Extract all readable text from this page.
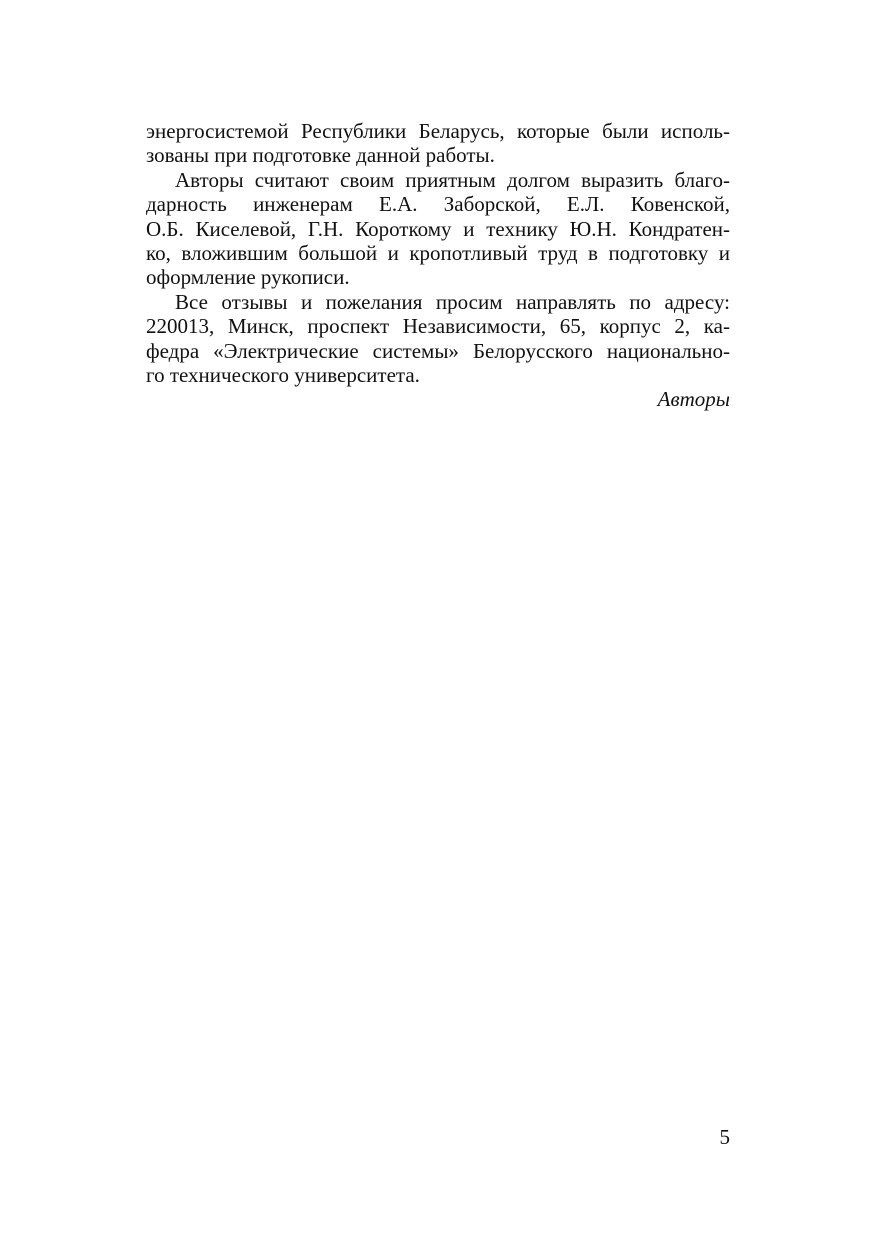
энергосистемой Республики Беларусь, которые были исполь-
зованы при подготовке данной работы.
Авторы считают своим приятным долгом выразить благо-
дарность инженерам Е.А. Заборской, Е.Л. Ковенской,
О.Б. Киселевой, Г.Н. Короткому и технику Ю.Н. Кондратен-
ко, вложившим большой и кропотливый труд в подготовку и
оформление рукописи.
Все отзывы и пожелания просим направлять по адресу:
220013, Минск, проспект Независимости, 65, корпус 2, ка-
федра «Электрические системы» Белорусского национально-
го технического университета.
Авторы
5
